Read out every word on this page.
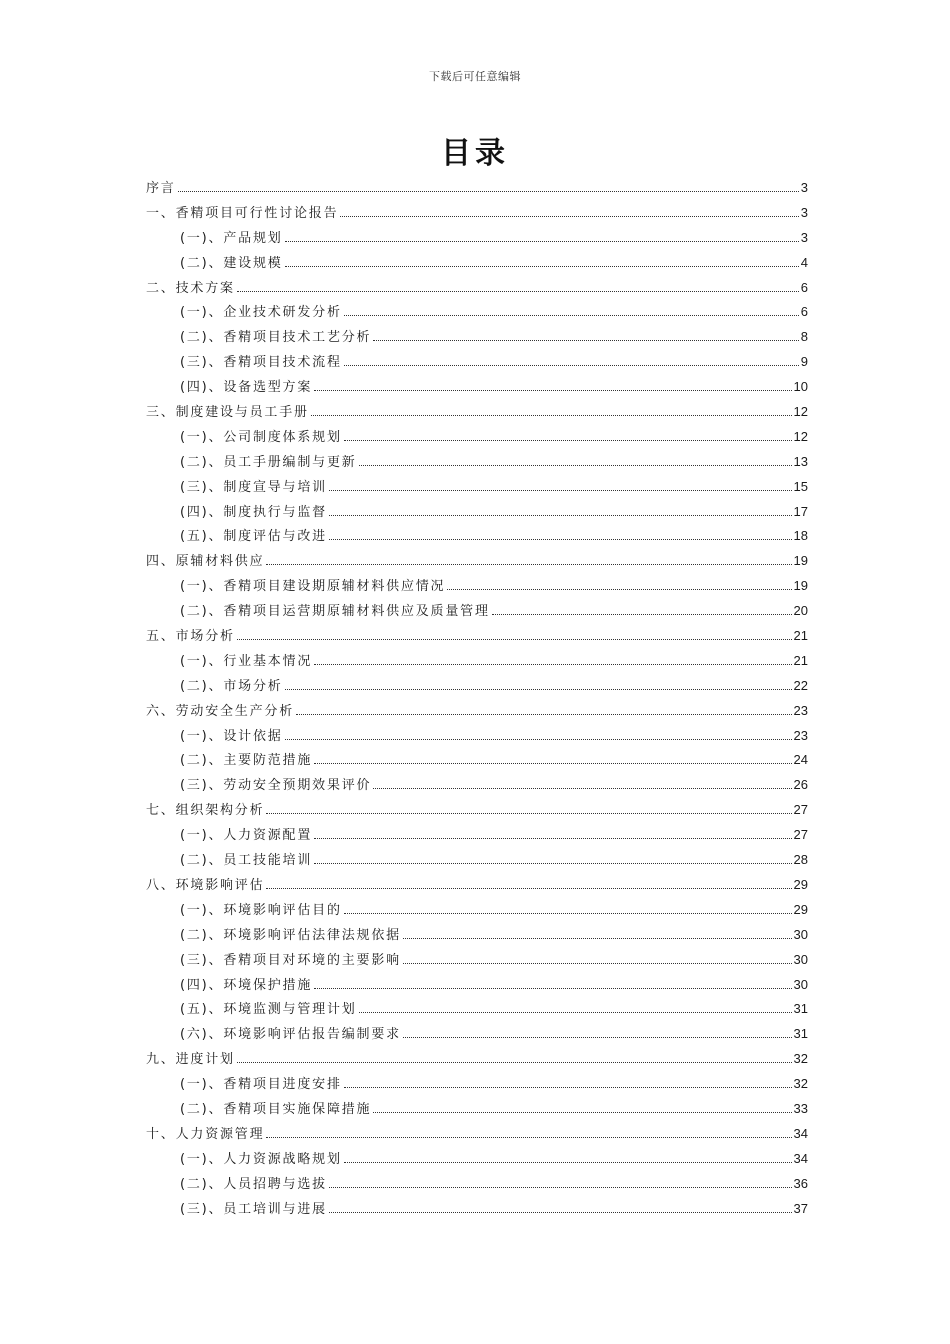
下载后可任意编辑
目录
序言	3
一、香精项目可行性讨论报告	3
(一)、产品规划	3
(二)、建设规模	4
二、技术方案	6
(一)、企业技术研发分析	6
(二)、香精项目技术工艺分析	8
(三)、香精项目技术流程	9
(四)、设备选型方案	10
三、制度建设与员工手册	12
(一)、公司制度体系规划	12
(二)、员工手册编制与更新	13
(三)、制度宣导与培训	15
(四)、制度执行与监督	17
(五)、制度评估与改进	18
四、原辅材料供应	19
(一)、香精项目建设期原辅材料供应情况	19
(二)、香精项目运营期原辅材料供应及质量管理	20
五、市场分析	21
(一)、行业基本情况	21
(二)、市场分析	22
六、劳动安全生产分析	23
(一)、设计依据	23
(二)、主要防范措施	24
(三)、劳动安全预期效果评价	26
七、组织架构分析	27
(一)、人力资源配置	27
(二)、员工技能培训	28
八、环境影响评估	29
(一)、环境影响评估目的	29
(二)、环境影响评估法律法规依据	30
(三)、香精项目对环境的主要影响	30
(四)、环境保护措施	30
(五)、环境监测与管理计划	31
(六)、环境影响评估报告编制要求	31
九、进度计划	32
(一)、香精项目进度安排	32
(二)、香精项目实施保障措施	33
十、人力资源管理	34
(一)、人力资源战略规划	34
(二)、人员招聘与选拔	36
(三)、员工培训与进展	37
